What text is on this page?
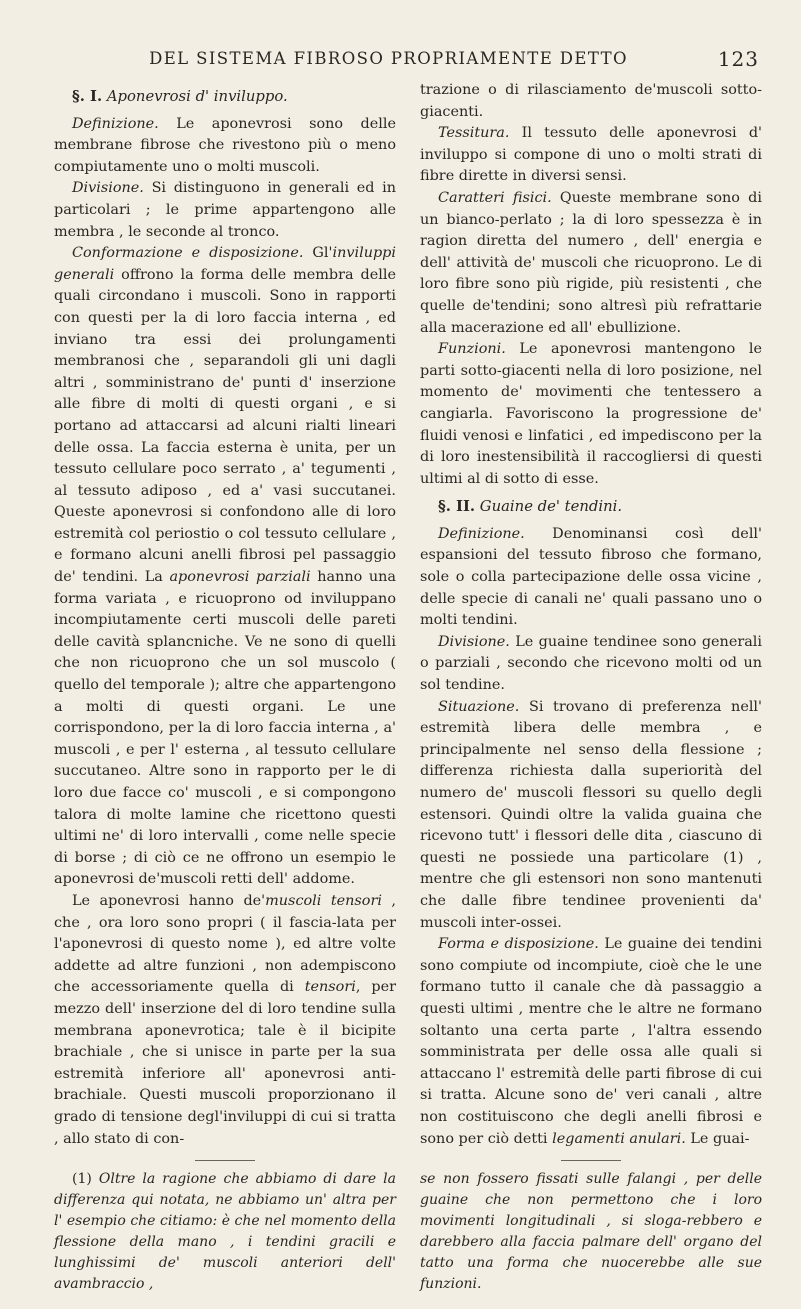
DEL SISTEMA FIBROSO PROPRIAMENTE DETTO	123
§. I. Aponevrosi d' inviluppo.

Definizione. Le aponevrosi sono delle membrane fibrose che rivestono più o meno compiutamente uno o molti muscoli.

Divisione. Si distinguono in generali ed in particolari ; le prime appartengono alle membra , le seconde al tronco.

Conformazione e disposizione. Gl'inviluppi generali offrono la forma delle membra delle quali circondano i muscoli. Sono in rapporti con questi per la di loro faccia interna , ed inviano tra essi dei prolungamenti membranosi che , separandoli gli uni dagli altri , somministrano de' punti d' inserzione alle fibre di molti di questi organi , e si portano ad attaccarsi ad alcuni rialti lineari delle ossa. La faccia esterna è unita, per un tessuto cellulare poco serrato , a' tegumenti , al tessuto adiposo , ed a' vasi succutanei. Queste aponevrosi si confondono alle di loro estremità col periostio o col tessuto cellulare , e formano alcuni anelli fibrosi pel passaggio de' tendini. La aponevrosi parziali hanno una forma variata , e ricuoprono od inviluppano incompiutamente certi muscoli delle pareti delle cavità splancniche. Ve ne sono di quelli che non ricuoprono che un sol muscolo ( quello del temporale ); altre che appartengono a molti di questi organi. Le une corrispondono, per la di loro faccia interna , a' muscoli , e per l' esterna , al tessuto cellulare succutaneo. Altre sono in rapporto per le di loro due facce co' muscoli , e si compongono talora di molte lamine che ricettono questi ultimi ne' di loro intervalli , come nelle specie di borse ; di ciò ce ne offrono un esempio le aponevrosi de'muscoli retti dell' addome.

Le aponevrosi hanno de'muscoli tensori , che , ora loro sono propri ( il fascia-lata per l'aponevrosi di questo nome ), ed altre volte addette ad altre funzioni , non adempiscono che accessoriamente quella di tensori, per mezzo dell' inserzione del di loro tendine sulla membrana aponevrotica; tale è il bicipite brachiale , che si unisce in parte per la sua estremità inferiore all' aponevrosi anti-brachiale. Questi muscoli proporzionano il grado di tensione degl'inviluppi di cui si tratta , allo stato di con-

(1) Oltre la ragione che abbiamo di dare la differenza qui notata, ne abbiamo un' altra per l' esempio che citiamo: è che nel momento della flessione della mano , i tendini gracili e lunghissimi de' muscoli anteriori dell' avambraccio ,

trazione o di rilasciamento de'muscoli sotto-giacenti.

Tessitura. Il tessuto delle aponevrosi d' inviluppo si compone di uno o molti strati di fibre dirette in diversi sensi.

Caratteri fisici. Queste membrane sono di un bianco-perlato ; la di loro spessezza è in ragion diretta del numero , dell' energia e dell' attività de' muscoli che ricuoprono. Le di loro fibre sono più rigide, più resistenti , che quelle de'tendini; sono altresì più refrattarie alla macerazione ed all' ebullizione.

Funzioni. Le aponevrosi mantengono le parti sotto-giacenti nella di loro posizione, nel momento de' movimenti che tentessero a cangiarla. Favoriscono la progressione de' fluidi venosi e linfatici , ed impediscono per la di loro inestensibilità il raccogliersi di questi ultimi al di sotto di esse.

§. II. Guaine de' tendini.

Definizione. Denominansi così dell' espansioni del tessuto fibroso che formano, sole o colla partecipazione delle ossa vicine , delle specie di canali ne' quali passano uno o molti tendini.

Divisione. Le guaine tendinee sono generali o parziali , secondo che ricevono molti od un sol tendine.

Situazione. Si trovano di preferenza nell' estremità libera delle membra , e principalmente nel senso della flessione ; differenza richiesta dalla superiorità del numero de' muscoli flessori su quello degli estensori. Quindi oltre la valida guaina che ricevono tutt' i flessori delle dita , ciascuno di questi ne possiede una particolare (1) , mentre che gli estensori non sono mantenuti che dalle fibre tendinee provenienti da' muscoli inter-ossei.

Forma e disposizione. Le guaine dei tendini sono compiute od incompiute, cioè che le une formano tutto il canale che dà passaggio a questi ultimi , mentre che le altre ne formano soltanto una certa parte , l'altra essendo somministrata per delle ossa alle quali si attaccano l' estremità delle parti fibrose di cui si tratta. Alcune sono de' veri canali , altre non costituiscono che degli anelli fibrosi e sono per ciò detti legamenti anulari. Le guai-

se non fossero fissati sulle falangi , per delle guaine che non permettono che i loro movimenti longitudinali , si sloga-rebbero e darebbero alla faccia palmare dell' organo del tatto una forma che nuocerebbe alle sue funzioni.
